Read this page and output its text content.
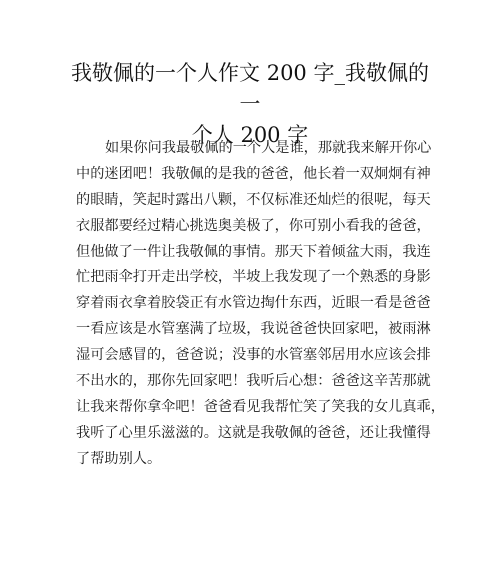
我敬佩的一个人作文 200 字_我敬佩的一
个人 200 字
如果你问我最敬佩的一个人是谁，那就我来解开你心
中的迷团吧！我敬佩的是我的爸爸，他长着一双炯炯有神
的眼睛，笑起时露出八颗，不仅标准还灿烂的很呢，每天
衣服都要经过精心挑选奥美极了，你可别小看我的爸爸，
但他做了一件让我敬佩的事情。那天下着倾盆大雨，我连
忙把雨伞打开走出学校，半坡上我发现了一个熟悉的身影
穿着雨衣拿着胶袋正有水管边掏什东西，近眼一看是爸爸
一看应该是水管塞满了垃圾，我说爸爸快回家吧，被雨淋
湿可会感冒的，爸爸说；没事的水管塞邻居用水应该会排
不出水的，那你先回家吧！我听后心想：爸爸这辛苦那就
让我来帮你拿伞吧！爸爸看见我帮忙笑了笑我的女儿真乖，
我听了心里乐滋滋的。这就是我敬佩的爸爸，还让我懂得
了帮助别人。
